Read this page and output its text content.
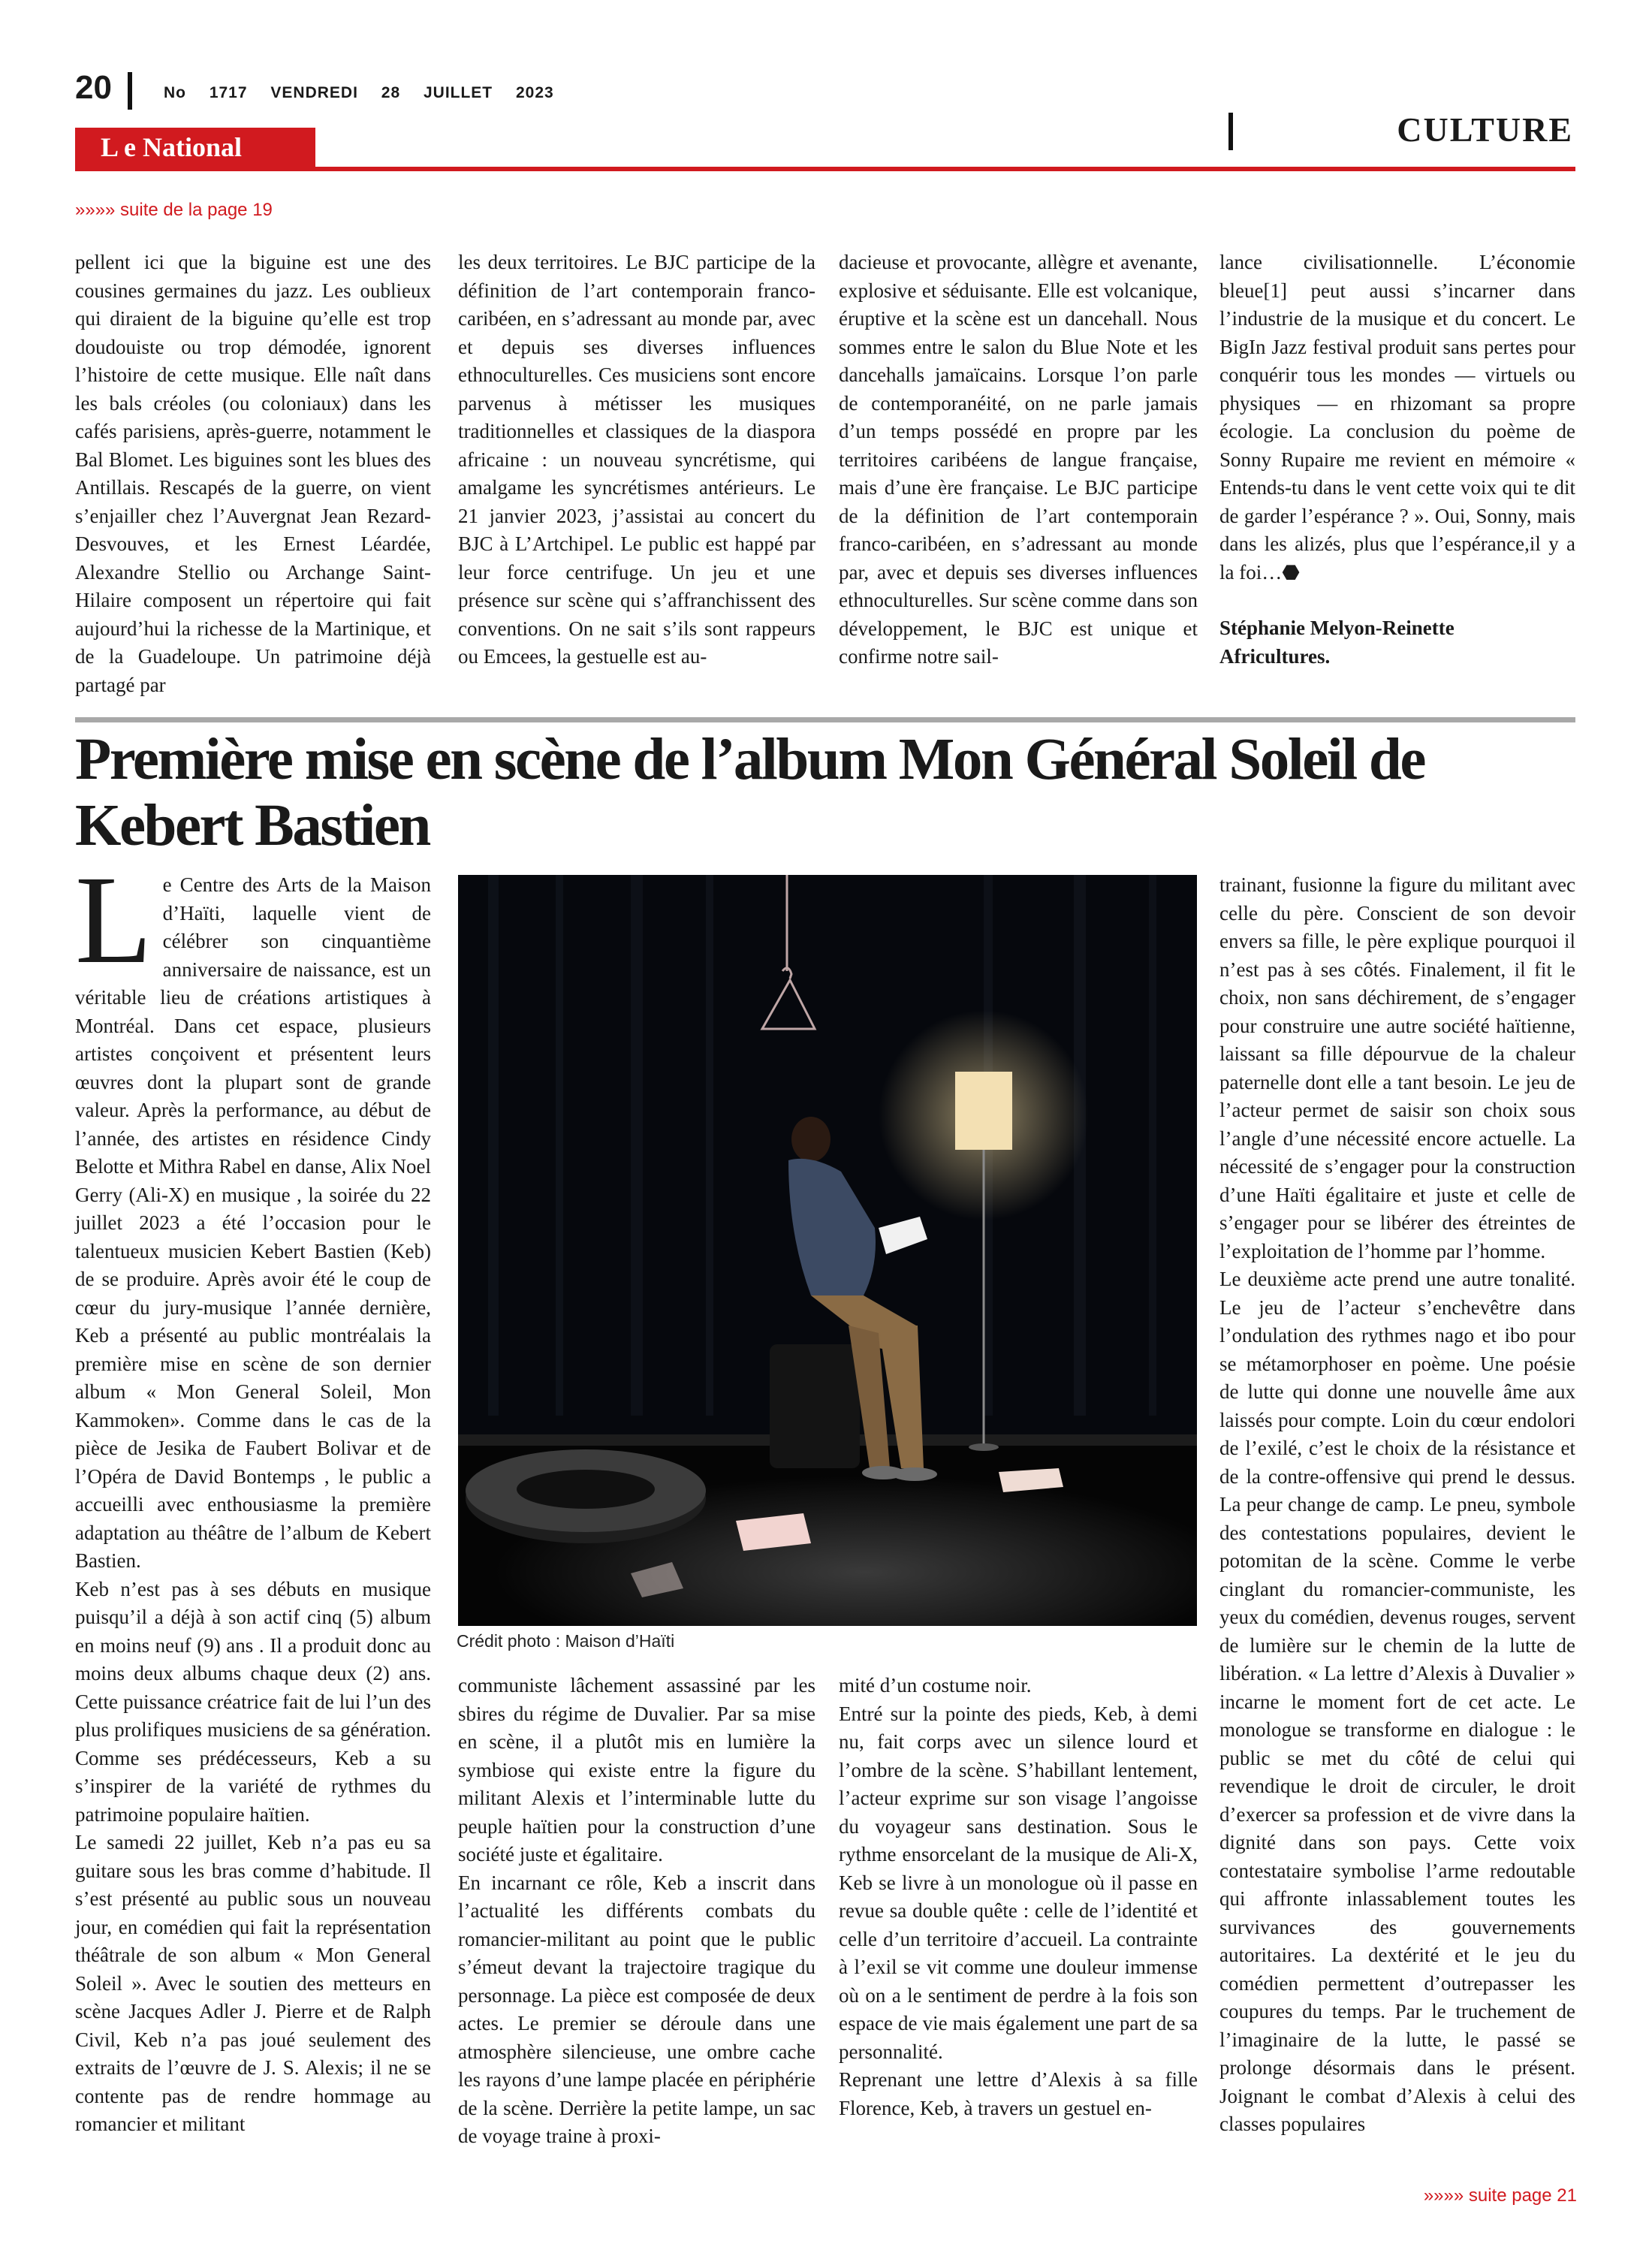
20	No 1717 VENDREDI 28 JUILLET 2023
CULTURE
L e National
»»»» suite de la page 19

pellent ici que la biguine est une des cousines germaines du jazz. Les oublieux qui diraient de la biguine qu’elle est trop doudouiste ou trop démodée, ignorent l’histoire de cette musique. Elle naît dans les bals créoles (ou coloniaux) dans les cafés parisiens, après-guerre, notamment le Bal Blomet. Les biguines sont les blues des Antillais. Rescapés de la guerre, on vient s’enjailler chez l’Auvergnat Jean Rezard-Desvouves, et les Ernest Léardée, Alexandre Stellio ou Archange Saint-Hilaire composent un répertoire qui fait aujourd’hui la richesse de la Martinique, et de la Guadeloupe. Un patrimoine déjà partagé par

les deux territoires. Le BJC participe de la définition de l’art contemporain franco-caribéen, en s’adressant au monde par, avec et depuis ses diverses influences ethnoculturelles. Ces musiciens sont encore parvenus à métisser les musiques traditionnelles et classiques de la diaspora africaine : un nouveau syncrétisme, qui amalgame les syncrétismes antérieurs. Le 21 janvier 2023, j’assistai au concert du BJC à L’Artchipel. Le public est happé par leur force centrifuge. Un jeu et une présence sur scène qui s’affranchissent des conventions. On ne sait s’ils sont rappeurs ou Emcees, la gestuelle est au-

dacieuse et provocante, allègre et avenante, explosive et séduisante. Elle est volcanique, éruptive et la scène est un dancehall. Nous sommes entre le salon du Blue Note et les dancehalls jamaïcains. Lorsque l’on parle de contemporanéité, on ne parle jamais d’un temps possédé en propre par les territoires caribéens de langue française, mais d’une ère française. Le BJC participe de la définition de l’art contemporain franco-caribéen, en s’adressant au monde par, avec et depuis ses diverses influences ethnoculturelles. Sur scène comme dans son développement, le BJC est unique et confirme notre sail-

lance civilisationnelle. L’économie bleue[1] peut aussi s’incarner dans l’industrie de la musique et du concert. Le BigIn Jazz festival produit sans pertes pour conquérir tous les mondes — virtuels ou physiques — en rhizomant sa propre écologie. La conclusion du poème de Sonny Rupaire me revient en mémoire « Entends-tu dans le vent cette voix qui te dit de garder l’espérance ? ». Oui, Sonny, mais dans les alizés, plus que l’espérance,il y a la foi…⬣

Stéphanie Melyon-Reinette

Africultures.

Première mise en scène de l’album Mon Général Soleil de Kebert Bastien

Le Centre des Arts de la Maison d’Haïti, laquelle vient de célébrer son cinquantième anniversaire de naissance, est un véritable lieu de créations artistiques à Montréal. Dans cet espace, plusieurs artistes conçoivent et présentent leurs œuvres dont la plupart sont de grande valeur. Après la performance, au début de l’année, des artistes en résidence Cindy Belotte et Mithra Rabel en danse, Alix Noel Gerry (Ali-X) en musique , la soirée du 22 juillet 2023 a été l’occasion pour le talentueux musicien Kebert Bastien (Keb) de se produire. Après avoir été le coup de cœur du jury-musique l’année dernière, Keb a présenté au public montréalais la première mise en scène de son dernier album « Mon General Soleil, Mon Kammoken». Comme dans le cas de la pièce de Jesika de Faubert Bolivar et de l’Opéra de David Bontemps , le public a accueilli avec enthousiasme la première adaptation au théâtre de l’album de Kebert Bastien.

Keb n’est pas à ses débuts en musique puisqu’il a déjà à son actif cinq (5) album en moins neuf (9) ans . Il a produit donc au moins deux albums chaque deux (2) ans. Cette puissance créatrice fait de lui l’un des plus prolifiques musiciens de sa génération. Comme ses prédécesseurs, Keb a su s’inspirer de la variété de rythmes du patrimoine populaire haïtien.

Le samedi 22 juillet, Keb n’a pas eu sa guitare sous les bras comme d’habitude. Il s’est présenté au public sous un nouveau jour, en comédien qui fait la représentation théâtrale de son album « Mon General Soleil ». Avec le soutien des metteurs en scène Jacques Adler J. Pierre et de Ralph Civil, Keb n’a pas joué seulement des extraits de l’œuvre de J. S. Alexis; il ne se contente pas de rendre hommage au romancier et militant

Crédit photo : Maison d’Haïti

communiste lâchement assassiné par les sbires du régime de Duvalier. Par sa mise en scène, il a plutôt mis en lumière la symbiose qui existe entre la figure du militant Alexis et l’interminable lutte du peuple haïtien pour la construction d’une société juste et égalitaire.

En incarnant ce rôle, Keb a inscrit dans l’actualité les différents combats du romancier-militant au point que le public s’émeut devant la trajectoire tragique du personnage. La pièce est composée de deux actes. Le premier se déroule dans une atmosphère silencieuse, une ombre cache les rayons d’une lampe placée en périphérie de la scène. Derrière la petite lampe, un sac de voyage traine à proxi-

mité d’un costume noir.

Entré sur la pointe des pieds, Keb, à demi nu, fait corps avec un silence lourd et l’ombre de la scène. S’habillant lentement, l’acteur exprime sur son visage l’angoisse du voyageur sans destination. Sous le rythme ensorcelant de la musique de Ali-X, Keb se livre à un monologue où il passe en revue sa double quête : celle de l’identité et celle d’un territoire d’accueil. La contrainte à l’exil se vit comme une douleur immense où on a le sentiment de perdre à la fois son espace de vie mais également une part de sa personnalité.

Reprenant une lettre d’Alexis à sa fille Florence, Keb, à travers un gestuel en-

trainant, fusionne la figure du militant avec celle du père. Conscient de son devoir envers sa fille, le père explique pourquoi il n’est pas à ses côtés. Finalement, il fit le choix, non sans déchirement, de s’engager pour construire une autre société haïtienne, laissant sa fille dépourvue de la chaleur paternelle dont elle a tant besoin. Le jeu de l’acteur permet de saisir son choix sous l’angle d’une nécessité encore actuelle. La nécessité de s’engager pour la construction d’une Haïti égalitaire et juste et celle de s’engager pour se libérer des étreintes de l’exploitation de l’homme par l’homme.

Le deuxième acte prend une autre tonalité. Le jeu de l’acteur s’enchevêtre dans l’ondulation des rythmes nago et ibo pour se métamorphoser en poème. Une poésie de lutte qui donne une nouvelle âme aux laissés pour compte. Loin du cœur endolori de l’exilé, c’est le choix de la résistance et de la contre-offensive qui prend le dessus. La peur change de camp. Le pneu, symbole des contestations populaires, devient le potomitan de la scène. Comme le verbe cinglant du romancier-communiste, les yeux du comédien, devenus rouges, servent de lumière sur le chemin de la lutte de libération. « La lettre d’Alexis à Duvalier » incarne le moment fort de cet acte. Le monologue se transforme en dialogue : le public se met du côté de celui qui revendique le droit de circuler, le droit d’exercer sa profession et de vivre dans la dignité dans son pays. Cette voix contestataire symbolise l’arme redoutable qui affronte inlassablement toutes les survivances des gouvernements autoritaires. La dextérité et le jeu du comédien permettent d’outrepasser les coupures du temps. Par le truchement de l’imaginaire de la lutte, le passé se prolonge désormais dans le présent. Joignant le combat d’Alexis à celui des classes populaires

»»»» suite page 21
